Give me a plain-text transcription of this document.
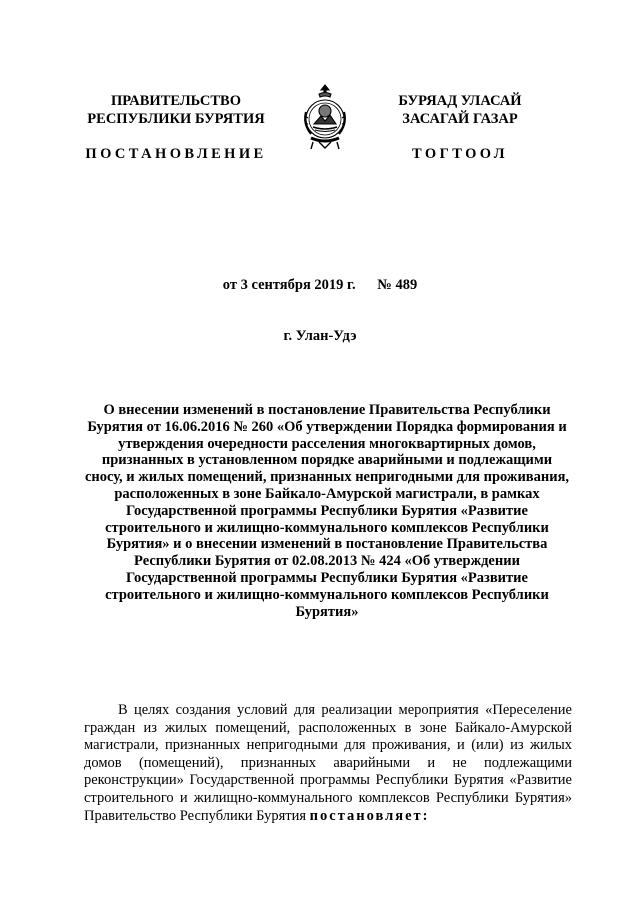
ПРАВИТЕЛЬСТВО
РЕСПУБЛИКИ БУРЯТИЯ
ПОСТАНОВЛЕНИЕ
БУРЯАД УЛАСАЙ
ЗАСАГАЙ ГАЗАР
ТОГТООЛ
от 3 сентября 2019 г. № 489
г. Улан-Удэ

О внесении изменений в постановление Правительства Республики Бурятия от 16.06.2016 № 260 «Об утверждении Порядка формирования и утверждения очередности расселения многоквартирных домов, признанных в установленном порядке аварийными и подлежащими сносу, и жилых помещений, признанных непригодными для проживания, расположенных в зоне Байкало-Амурской магистрали, в рамках Государственной программы Республики Бурятия «Развитие строительного и жилищно-коммунального комплексов Республики Бурятия» и о внесении изменений в постановление Правительства Республики Бурятия от 02.08.2013 № 424 «Об утверждении Государственной программы Республики Бурятия «Развитие строительного и жилищно-коммунального комплексов Республики Бурятия»

В целях создания условий для реализации мероприятия «Переселение граждан из жилых помещений, расположенных в зоне Байкало-Амурской магистрали, признанных непригодными для проживания, и (или) из жилых домов (помещений), признанных аварийными и не подлежащими реконструкции» Государственной программы Республики Бурятия «Развитие строительного и жилищно-коммунального комплексов Республики Бурятия» Правительство Республики Бурятия постановляет:
